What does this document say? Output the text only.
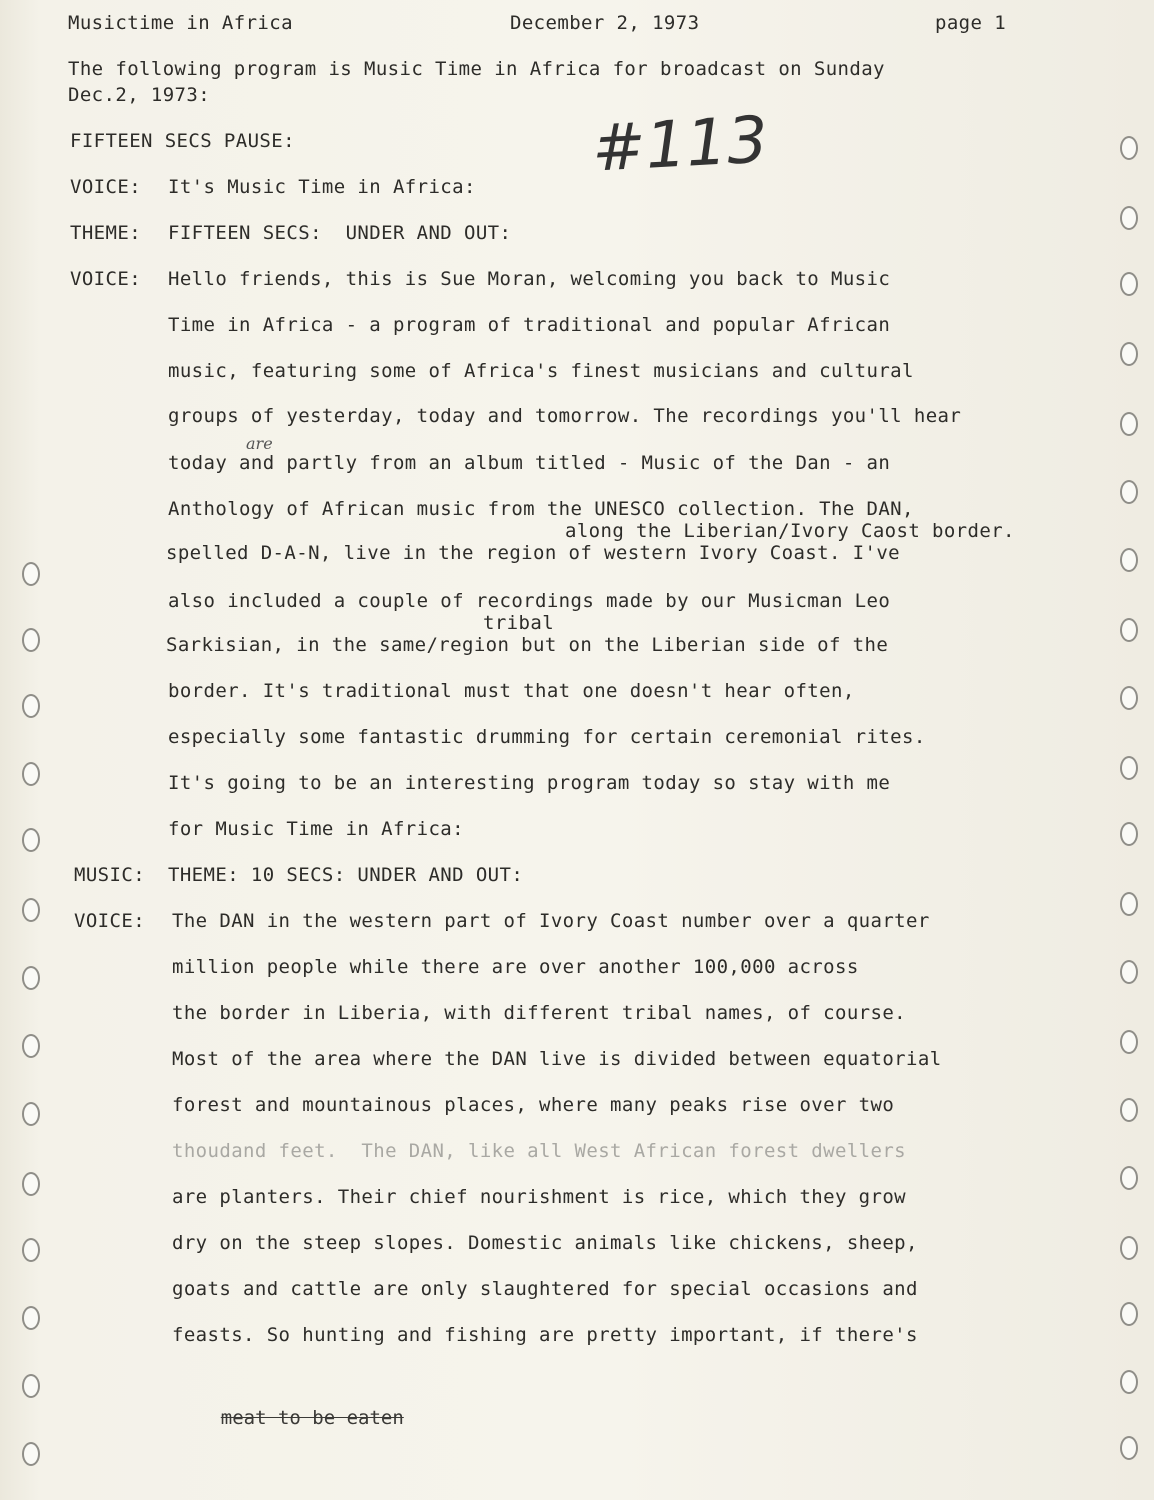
Musictime in Africa	December 2, 1973	page 1
The following program is Music Time in Africa for broadcast on Sunday
Dec.2, 1973:
#113
FIFTEEN SECS PAUSE:
VOICE: It's Music Time in Africa:
THEME: FIFTEEN SECS:  UNDER AND OUT:
VOICE: Hello friends, this is Sue Moran, welcoming you back to Music
Time in Africa - a program of traditional and popular African
music, featuring some of Africa's finest musicians and cultural
groups of yesterday, today and tomorrow. The recordings you'll hear
are
today and partly from an album titled - Music of the Dan - an
Anthology of African music from the UNESCO collection. The DAN,
along the Liberian/Ivory Caost border.
spelled D-A-N, live in the region of western Ivory Coast. I've
also included a couple of recordings made by our Musicman Leo
tribal
Sarkisian, in the same/region but on the Liberian side of the
border. It's traditional must that one doesn't hear often,
especially some fantastic drumming for certain ceremonial rites.
It's going to be an interesting program today so stay with me
for Music Time in Africa:
MUSIC: THEME: 10 SECS: UNDER AND OUT:
VOICE: The DAN in the western part of Ivory Coast number over a quarter
million people while there are over another 100,000 across
the border in Liberia, with different tribal names, of course.
Most of the area where the DAN live is divided between equatorial
forest and mountainous places, where many peaks rise over two
thoudand feet.  The DAN, like all West African forest dwellers
are planters. Their chief nourishment is rice, which they grow
dry on the steep slopes. Domestic animals like chickens, sheep,
goats and cattle are only slaughtered for special occasions and
feasts. So hunting and fishing are pretty important, if there's

meat to be eaten
